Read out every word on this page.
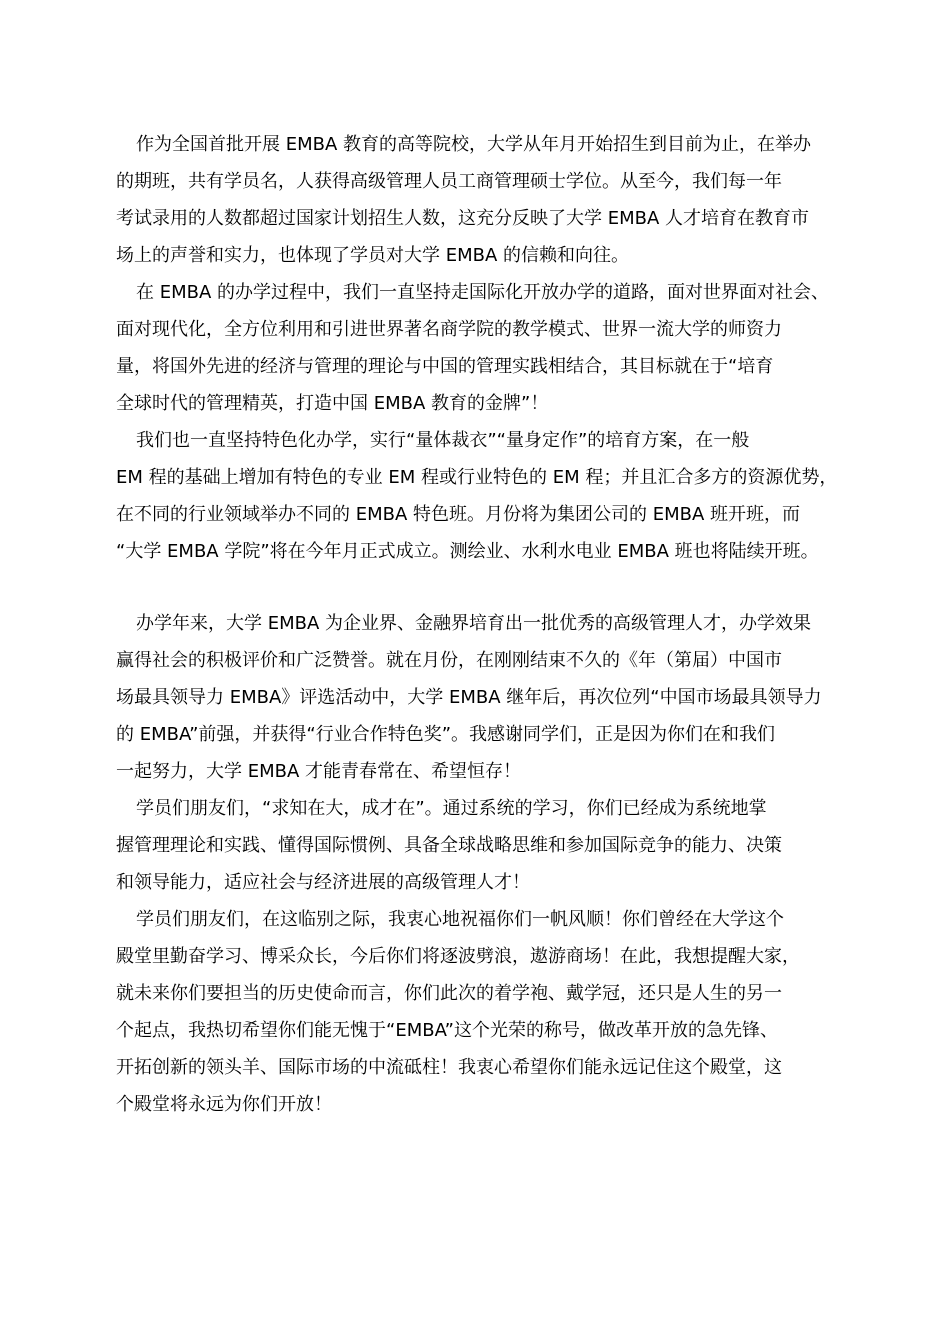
作为全国首批开展 EMBA 教育的高等院校，大学从年月开始招生到目前为止，在举办
的期班，共有学员名，人获得高级管理人员工商管理硕士学位。从至今，我们每一年
考试录用的人数都超过国家计划招生人数，这充分反映了大学 EMBA 人才培育在教育市
场上的声誉和实力，也体现了学员对大学 EMBA 的信赖和向往。
在 EMBA 的办学过程中，我们一直坚持走国际化开放办学的道路，面对世界面对社会、
面对现代化，全方位利用和引进世界著名商学院的教学模式、世界一流大学的师资力
量，将国外先进的经济与管理的理论与中国的管理实践相结合，其目标就在于“培育
全球时代的管理精英，打造中国 EMBA 教育的金牌”！
我们也一直坚持特色化办学，实行“量体裁衣”“量身定作”的培育方案，在一般
EM 程的基础上增加有特色的专业 EM 程或行业特色的 EM 程；并且汇合多方的资源优势，
在不同的行业领域举办不同的 EMBA 特色班。月份将为集团公司的 EMBA 班开班，而
“大学 EMBA 学院”将在今年月正式成立。测绘业、水利水电业 EMBA 班也将陆续开班。
办学年来，大学 EMBA 为企业界、金融界培育出一批优秀的高级管理人才，办学效果
赢得社会的积极评价和广泛赞誉。就在月份，在刚刚结束不久的《年（第届）中国市
场最具领导力 EMBA》评选活动中，大学 EMBA 继年后，再次位列“中国市场最具领导力
的 EMBA”前强，并获得“行业合作特色奖”。我感谢同学们，正是因为你们在和我们
一起努力，大学 EMBA 才能青春常在、希望恒存！
学员们朋友们，“求知在大，成才在”。通过系统的学习，你们已经成为系统地掌
握管理理论和实践、懂得国际惯例、具备全球战略思维和参加国际竞争的能力、决策
和领导能力，适应社会与经济进展的高级管理人才！
学员们朋友们，在这临别之际，我衷心地祝福你们一帆风顺！你们曾经在大学这个
殿堂里勤奋学习、博采众长，今后你们将逐波劈浪，遨游商场！在此，我想提醒大家，
就未来你们要担当的历史使命而言，你们此次的着学袍、戴学冠，还只是人生的另一
个起点，我热切希望你们能无愧于“EMBA”这个光荣的称号，做改革开放的急先锋、
开拓创新的领头羊、国际市场的中流砥柱！我衷心希望你们能永远记住这个殿堂，这
个殿堂将永远为你们开放！
